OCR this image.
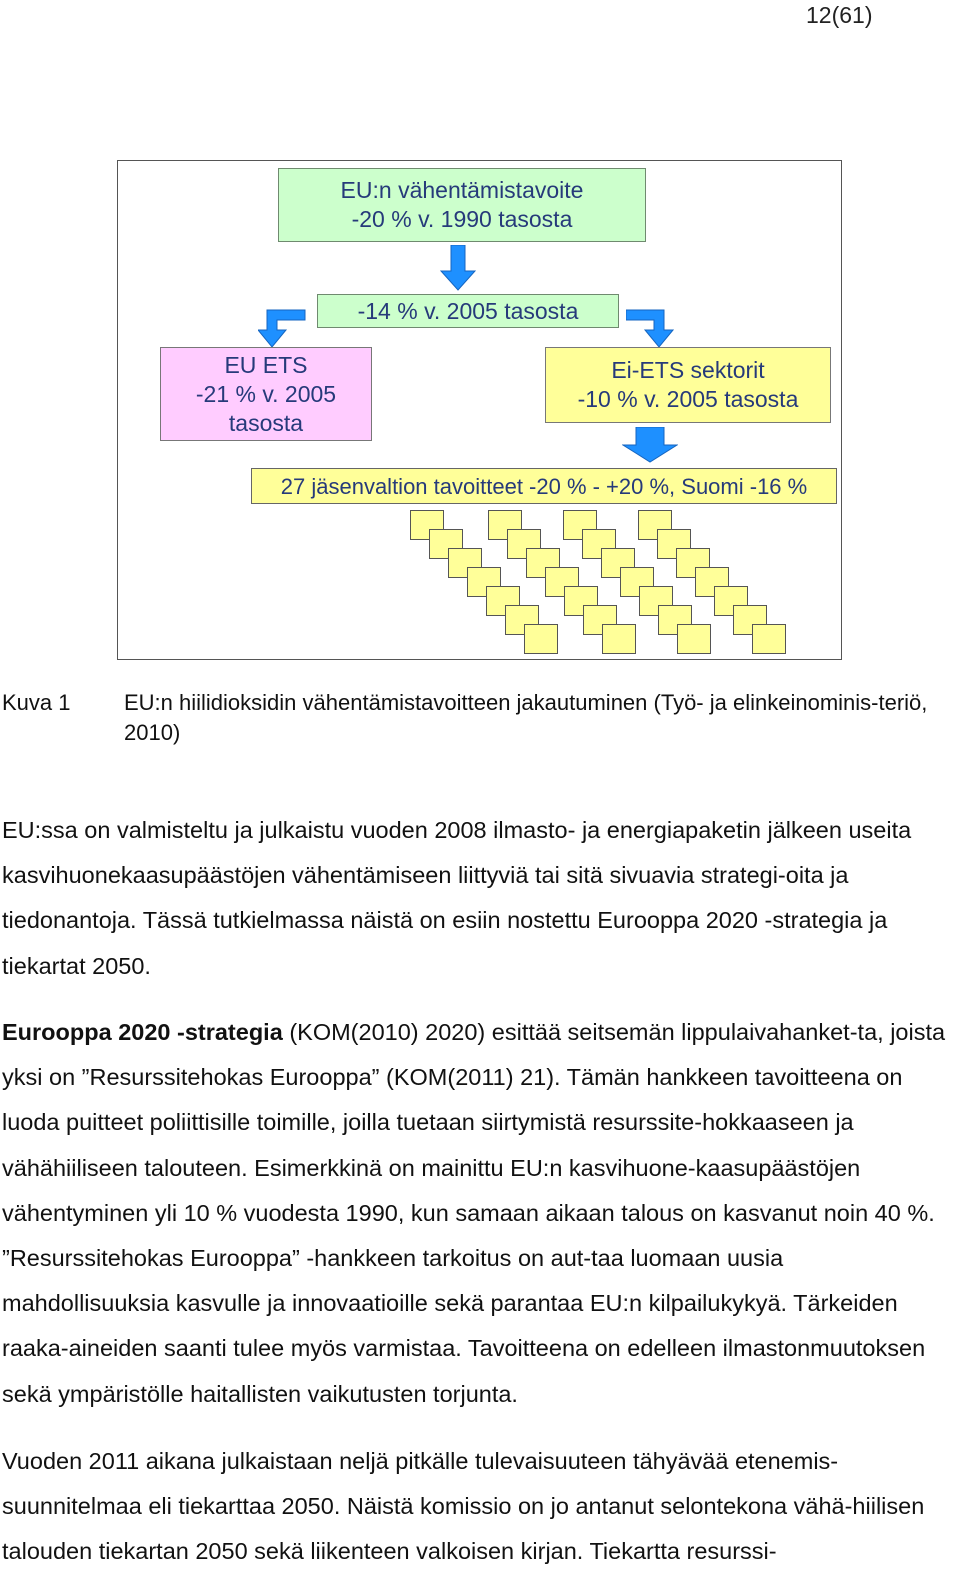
12(61)
EU:n vähentämistavoite
-20 % v. 1990 tasosta
-14 % v. 2005 tasosta
EU ETS
-21 % v. 2005
tasosta
Ei-ETS sektorit
-10 % v. 2005 tasosta
27 jäsenvaltion tavoitteet -20 % - +20 %, Suomi -16 %
Kuva 1 EU:n hiilidioksidin vähentämistavoitteen jakautuminen (Työ- ja elinkeinominis-teriö, 2010)

EU:ssa on valmisteltu ja julkaistu vuoden 2008 ilmasto- ja energiapaketin jälkeen useita kasvihuonekaasupäästöjen vähentämiseen liittyviä tai sitä sivuavia strategi-oita ja tiedonantoja. Tässä tutkielmassa näistä on esiin nostettu Eurooppa 2020 -strategia ja tiekartat 2050.

Eurooppa 2020 -strategia (KOM(2010) 2020) esittää seitsemän lippulaivahanket-ta, joista yksi on ”Resurssitehokas Eurooppa” (KOM(2011) 21). Tämän hankkeen tavoitteena on luoda puitteet poliittisille toimille, joilla tuetaan siirtymistä resurssite-hokkaaseen ja vähähiiliseen talouteen. Esimerkkinä on mainittu EU:n kasvihuone-kaasupäästöjen vähentyminen yli 10 % vuodesta 1990, kun samaan aikaan talous on kasvanut noin 40 %. ”Resurssitehokas Eurooppa” -hankkeen tarkoitus on aut-taa luomaan uusia mahdollisuuksia kasvulle ja innovaatioille sekä parantaa EU:n kilpailukykyä. Tärkeiden raaka-aineiden saanti tulee myös varmistaa. Tavoitteena on edelleen ilmastonmuutoksen sekä ympäristölle haitallisten vaikutusten torjunta.

Vuoden 2011 aikana julkaistaan neljä pitkälle tulevaisuuteen tähyävää etenemis-suunnitelmaa eli tiekarttaa 2050. Näistä komissio on jo antanut selontekona vähä-hiilisen talouden tiekartan 2050 sekä liikenteen valkoisen kirjan. Tiekartta resurssi-
